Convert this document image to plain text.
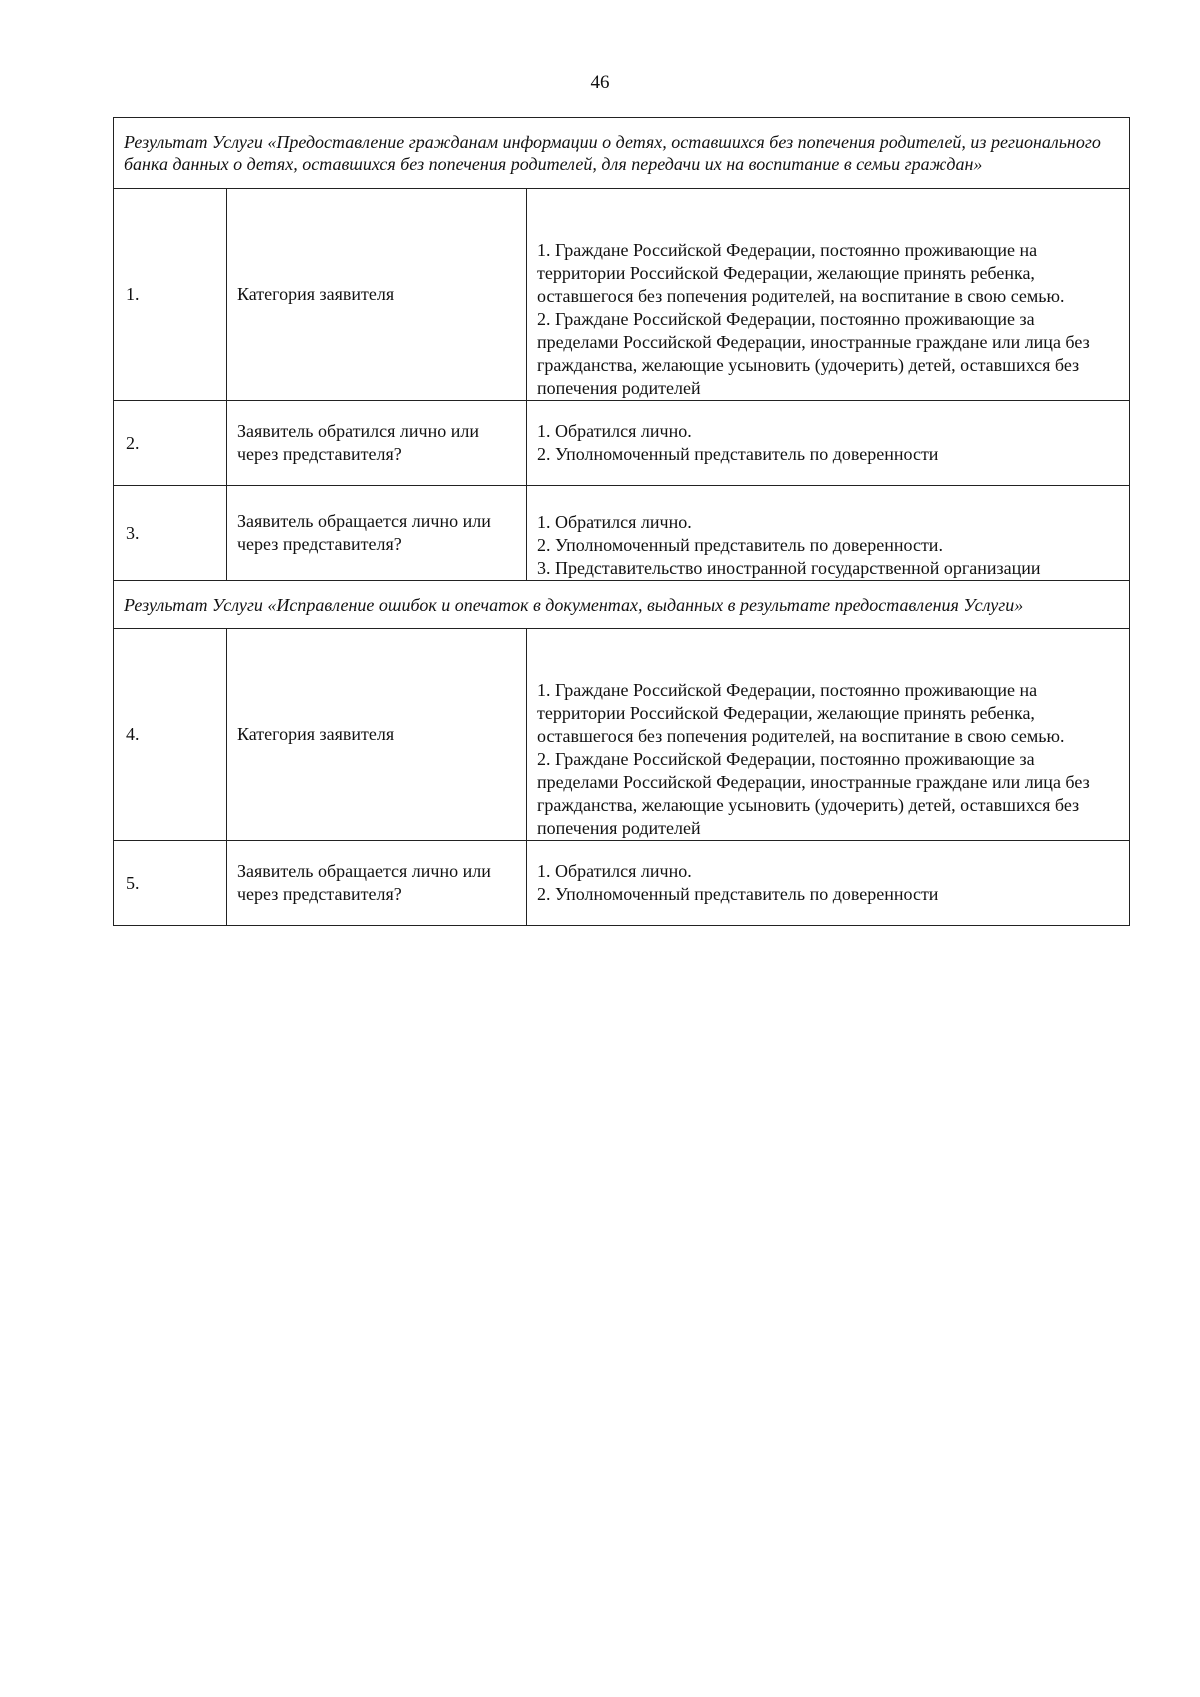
46
Результат Услуги «Предоставление гражданам информации о детях, оставшихся без попечения родителей, из регионального банка данных о детях, оставшихся без попечения родителей, для передачи их на воспитание в семьи граждан»		
1.	Категория заявителя	1. Граждане Российской Федерации, постоянно проживающие на территории Российской Федерации, желающие принять ребенка, оставшегося без попечения родителей, на воспитание в свою семью.
2. Граждане Российской Федерации, постоянно проживающие за пределами Российской Федерации, иностранные граждане или лица без гражданства, желающие усыновить (удочерить) детей, оставшихся без попечения родителей
2.	Заявитель обратился лично или через представителя?	1. Обратился лично.
2. Уполномоченный представитель по доверенности
3.	Заявитель обращается лично или через представителя?	1. Обратился лично.
2. Уполномоченный представитель по доверенности.
3. Представительство иностранной государственной организации
Результат Услуги «Исправление ошибок и опечаток в документах, выданных в результате предоставления Услуги»		
4.	Категория заявителя	1. Граждане Российской Федерации, постоянно проживающие на территории Российской Федерации, желающие принять ребенка, оставшегося без попечения родителей, на воспитание в свою семью.
2. Граждане Российской Федерации, постоянно проживающие за пределами Российской Федерации, иностранные граждане или лица без гражданства, желающие усыновить (удочерить) детей, оставшихся без попечения родителей
5.	Заявитель обращается лично или через представителя?	1. Обратился лично.
2. Уполномоченный представитель по доверенности
